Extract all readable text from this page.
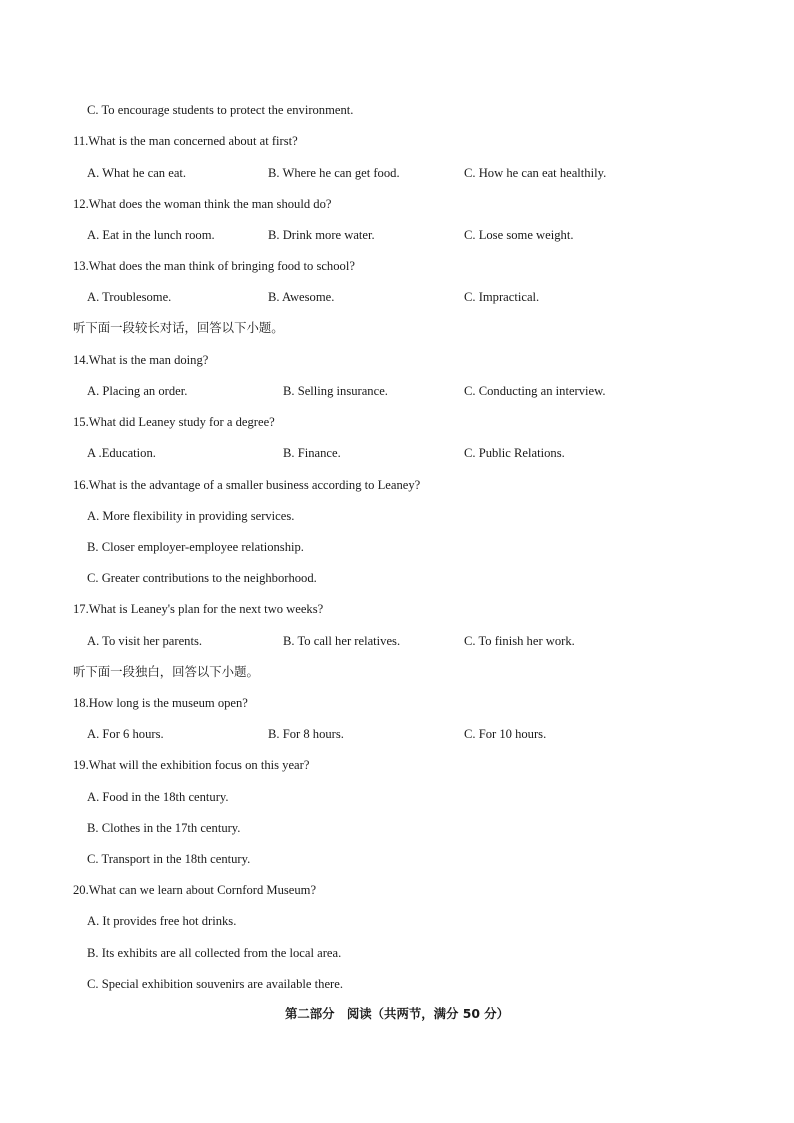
C. To encourage students to protect the environment.
11.What is the man concerned about at first?
A. What he can eat.	B. Where he can get food.	C. How he can eat healthily.
12.What does the woman think the man should do?
A. Eat in the lunch room.	B. Drink more water.	C. Lose some weight.
13.What does the man think of bringing food to school?
A. Troublesome.	B. Awesome.	C. Impractical.
听下面一段较长对话，回答以下小题。
14.What is the man doing?
A. Placing an order.	B. Selling insurance.	C. Conducting an interview.
15.What did Leaney study for a degree?
A .Education.	B. Finance.	C. Public Relations.
16.What is the advantage of a smaller business according to Leaney?
A. More flexibility in providing services.
B. Closer employer-employee relationship.
C. Greater contributions to the neighborhood.
17.What is Leaney's plan for the next two weeks?
A. To visit her parents.	B. To call her relatives.	C. To finish her work.
听下面一段独白，回答以下小题。
18.How long is the museum open?
A. For 6 hours.	B. For 8 hours.	C. For 10 hours.
19.What will the exhibition focus on this year?
A. Food in the 18th century.
B. Clothes in the 17th century.
C. Transport in the 18th century.
20.What can we learn about Cornford Museum?
A. It provides free hot drinks.
B. Its exhibits are all collected from the local area.
C. Special exhibition souvenirs are available there.
第二部分　阅读（共两节，满分 50 分）
